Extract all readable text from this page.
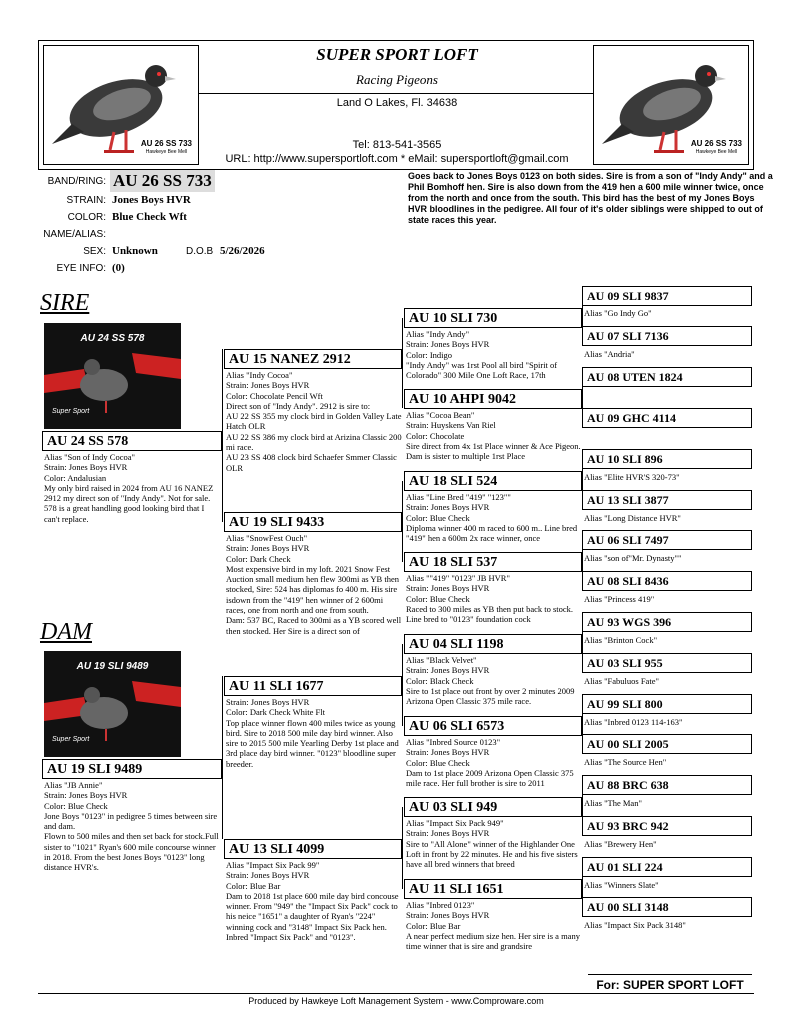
AU 26 SS 733
Hawkeye Bee Mell
SUPER SPORT LOFT
Racing Pigeons
Land O Lakes, Fl. 34638
Tel: 813-541-3565
URL: http://www.supersportloft.com * eMail: supersportloft@gmail.com
AU 26 SS 733
Hawkeye Bee Mell
BAND/RING: AU 26 SS 733
STRAIN: Jones Boys HVR
COLOR: Blue Check Wft
NAME/ALIAS:
SEX: Unknown	D.O.B 5/26/2026
EYE INFO: (0)
Goes back to Jones Boys 0123 on both sides. Sire is from a son of "Indy Andy" and a Phil Bomhoff hen. Sire is also down from the 419 hen a 600 mile winner twice, once from the north and once from the south. This bird has the best of my Jones Boys HVR bloodlines in the pedigree. All four of it's older siblings were shipped to out of state races this year.
SIRE
AU 24 SS 578
Super Sport
AU 24 SS 578
Alias "Son of Indy Cocoa"
Strain: Jones Boys HVR
Color: Andalusian
My only bird raised in 2024 from AU 16 NANEZ 2912 my direct son of "Indy Andy". Not for sale. 578 is a great handling good looking bird that I can't replace.
DAM
AU 19 SLI 9489
Super Sport
AU 19 SLI 9489
Alias "JB Annie"
Strain: Jones Boys HVR
Color: Blue Check
Jone Boys "0123" in pedigree 5 times between sire and dam.
Flown to 500 miles and then set back for stock.Full sister to "1021" Ryan's 600 mile concourse winner in 2018. From the best Jones Boys "0123" long distance HVR's.
AU 15 NANEZ 2912
Alias "Indy Cocoa"
Strain: Jones Boys HVR
Color: Chocolate Pencil Wft
Direct son of "Indy Andy". 2912 is sire to:
AU 22 SS 355 my clock bird in Golden Valley Late Hatch OLR
AU 22 SS 386 my clock bird at Arizina Classic 200 mi race.
AU 23 SS 408 clock bird Schaefer Smmer Classic OLR
AU 19 SLI 9433
Alias "SnowFest Ouch"
Strain: Jones Boys HVR
Color: Dark Check
Most expensive bird in my loft. 2021 Snow Fest Auction small medium hen flew 300mi as YB then stocked, Sire: 524 has diplomas fo 400 m. His sire isdown from the "419" hen winner of 2 600mi races, one from north and one from south.
Dam: 537 BC, Raced to 300mi as a YB scored well then stocked. Her Sire is a direct son of
AU 11 SLI 1677
Strain: Jones Boys HVR
Color: Dark Check White Flt
Top place winner flown 400 miles twice as young bird. Sire to 2018 500 mile day bird winner. Also sire to 2015 500 mile Yearling Derby 1st place and 3rd place day bird winner. "0123" bloodline super breeder.
AU 13 SLI 4099
Alias "Impact Six Pack 99"
Strain: Jones Boys HVR
Color: Blue Bar
Dam to 2018 1st place 600 mile day bird concouse winner. From "949" the "Impact Six Pack" cock to his neice "1651" a daughter of Ryan's "224" winning cock and "3148" Impact Six Pack hen.
Inbred "Impact Six Pack" and "0123".
AU 10 SLI 730
Alias "Indy Andy"
Strain: Jones Boys HVR
Color: Indigo
"Indy Andy" was 1rst Pool all bird "Spirit of Colorado" 300 Mile One Loft Race, 17th
AU 10 AHPI 9042
Alias "Cocoa Bean"
Strain: Huyskens Van Riel
Color: Chocolate
Sire direct from 4x 1st Place winner & Ace Pigeon. Dam is sister to multiple 1rst Place
AU 18 SLI 524
Alias "Line Bred "419" "123""
Strain: Jones Boys HVR
Color: Blue Check
Diploma winner 400 m raced to 600 m.. Line bred "419" hen a 600m 2x race winner, once
AU 18 SLI 537
Alias ""419" "0123" JB HVR"
Strain: Jones Boys HVR
Color: Blue Check
Raced to 300 miles as YB then put back to stock. Line bred to "0123" foundation cock
AU 04 SLI 1198
Alias "Black Velvet"
Strain: Jones Boys HVR
Color: Black Check
Sire to 1st place out front by over 2 minutes 2009 Arizona Open Classic 375 mile race.
AU 06 SLI 6573
Alias "Inbred Source 0123"
Strain: Jones Boys HVR
Color: Blue Check
Dam to 1st place 2009 Arizona Open Classic 375 mile race. Her full brother is sire to 2011
AU 03 SLI 949
Alias "Impact Six Pack 949"
Strain: Jones Boys HVR
Sire to "All Alone" winner of the Highlander One Loft in front by 22 minutes. He and his five sisters have all bred winners that breed
AU 11 SLI 1651
Alias "Inbred 0123"
Strain: Jones Boys HVR
Color: Blue Bar
A near perfect medium size hen. Her sire is a many time winner that is sire and grandsire
AU 09 SLI 9837
Alias "Go Indy Go"
AU 07 SLI 7136
Alias "Andria"
AU 08 UTEN 1824
AU 09 GHC 4114
AU 10 SLI 896
Alias "Elite HVR'S 320-73"
AU 13 SLI 3877
Alias "Long Distance HVR"
AU 06 SLI 7497
Alias "son of"Mr. Dynasty""
AU 08 SLI 8436
Alias "Princess 419"
AU 93 WGS 396
Alias "Brinton Cock"
AU 03 SLI 955
Alias "Fabuluos Fate"
AU 99 SLI 800
Alias "Inbred 0123 114-163"
AU 00 SLI 2005
Alias "The Source Hen"
AU 88 BRC 638
Alias "The Man"
AU 93 BRC 942
Alias "Brewery Hen"
AU 01 SLI 224
Alias "Winners Slate"
AU 00 SLI 3148
Alias "Impact Six Pack 3148"
For: SUPER SPORT LOFT
Produced by Hawkeye Loft Management System - www.Comproware.com
